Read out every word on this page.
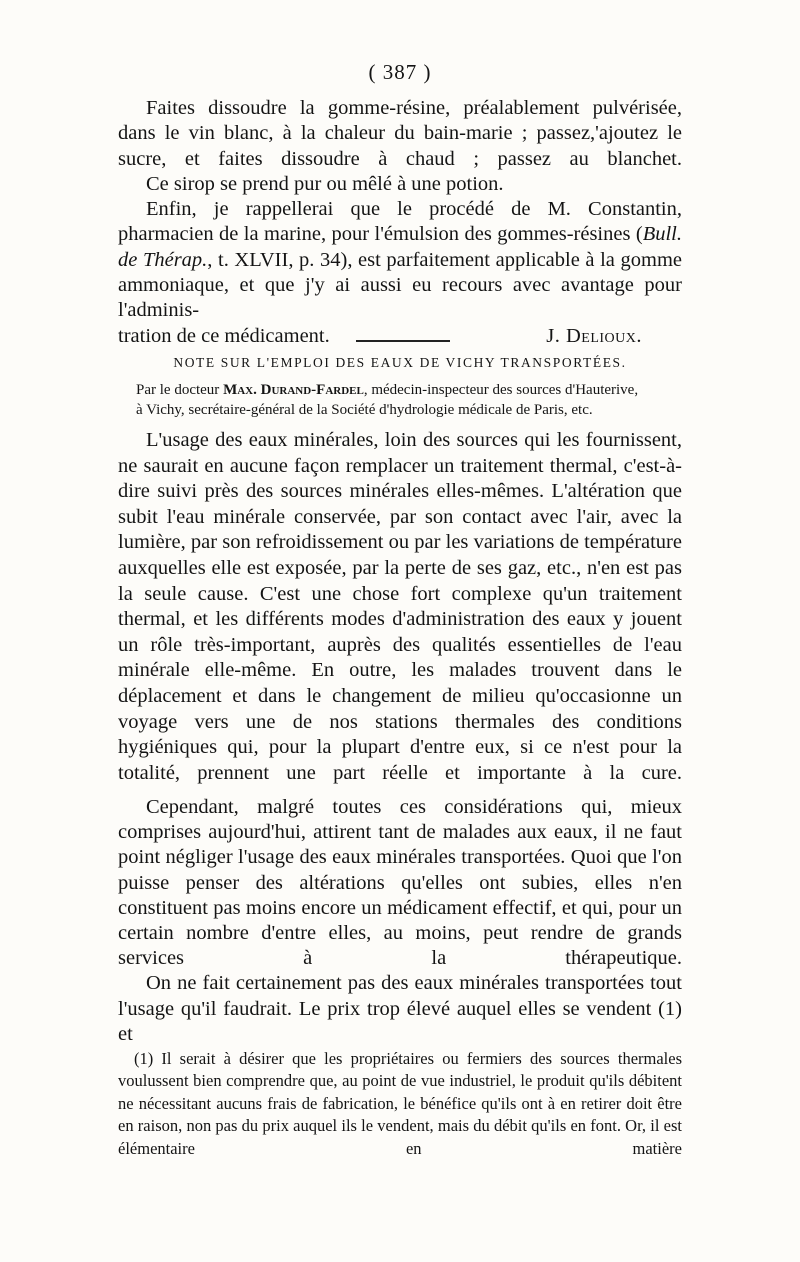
( 387 )

Faites dissoudre la gomme-résine, préalablement pulvérisée, dans le vin blanc, à la chaleur du bain-marie ; passez,'ajoutez le sucre, et faites dissoudre à chaud ; passez au blanchet.

Ce sirop se prend pur ou mêlé à une potion.

Enfin, je rappellerai que le procédé de M. Constantin, pharmacien de la marine, pour l'émulsion des gommes-résines (Bull. de Thérap., t. XLVII, p. 34), est parfaitement applicable à la gomme ammoniaque, et que j'y ai aussi eu recours avec avantage pour l'adminis-

tration de ce médicament.	J. Delioux.
NOTE SUR L'EMPLOI DES EAUX DE VICHY TRANSPORTÉES.
Par le docteur Max. Durand-Fardel, médecin-inspecteur des sources d'Hauterive,
à Vichy, secrétaire-général de la Société d'hydrologie médicale de Paris, etc.

L'usage des eaux minérales, loin des sources qui les fournissent, ne saurait en aucune façon remplacer un traitement thermal, c'est-à-dire suivi près des sources minérales elles-mêmes. L'altération que subit l'eau minérale conservée, par son contact avec l'air, avec la lumière, par son refroidissement ou par les variations de température auxquelles elle est exposée, par la perte de ses gaz, etc., n'en est pas la seule cause. C'est une chose fort complexe qu'un traitement thermal, et les différents modes d'administration des eaux y jouent un rôle très-important, auprès des qualités essentielles de l'eau minérale elle-même. En outre, les malades trouvent dans le déplacement et dans le changement de milieu qu'occasionne un voyage vers une de nos stations thermales des conditions hygiéniques qui, pour la plupart d'entre eux, si ce n'est pour la totalité, prennent une part réelle et importante à la cure.

Cependant, malgré toutes ces considérations qui, mieux comprises aujourd'hui, attirent tant de malades aux eaux, il ne faut point négliger l'usage des eaux minérales transportées. Quoi que l'on puisse penser des altérations qu'elles ont subies, elles n'en constituent pas moins encore un médicament effectif, et qui, pour un certain nombre d'entre elles, au moins, peut rendre de grands services à la thérapeutique.

On ne fait certainement pas des eaux minérales transportées tout l'usage qu'il faudrait. Le prix trop élevé auquel elles se vendent (1) et

(1) Il serait à désirer que les propriétaires ou fermiers des sources thermales voulussent bien comprendre que, au point de vue industriel, le produit qu'ils débitent ne nécessitant aucuns frais de fabrication, le bénéfice qu'ils ont à en retirer doit être en raison, non pas du prix auquel ils le vendent, mais du débit qu'ils en font. Or, il est élémentaire en matière
